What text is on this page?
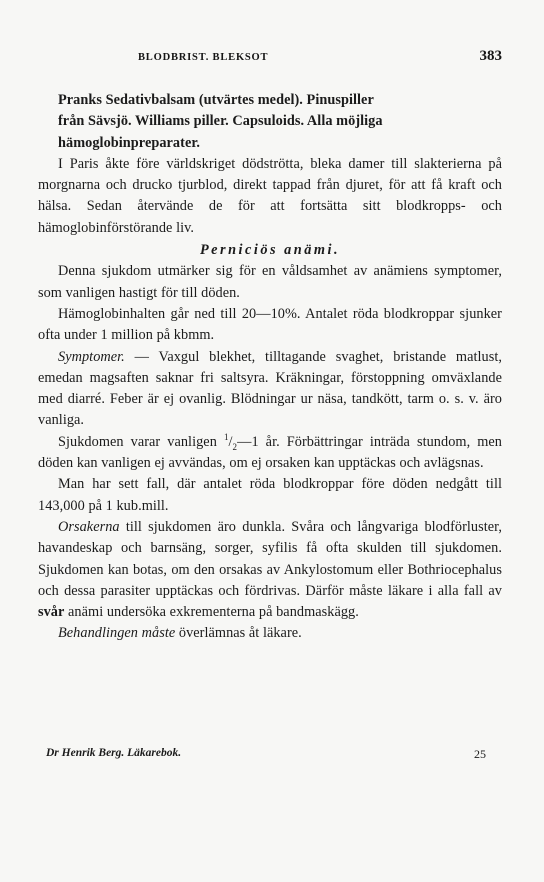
BLODBRIST. BLEKSOT	383

Pranks Sedativbalsam (utvärtes medel). Pinuspiller
från Sävsjö. Williams piller. Capsuloids. Alla möjliga
hämoglobinpreparater.

I Paris åkte före världskriget dödströtta, bleka damer till slakterierna på morgnarna och drucko tjurblod, direkt tappad från djuret, för att få kraft och hälsa. Sedan återvände de för att fortsätta sitt blodkropps- och hämoglobinförstörande liv.

Perniciös anämi.

Denna sjukdom utmärker sig för en våldsamhet av anämiens symptomer, som vanligen hastigt för till döden.

Hämoglobinhalten går ned till 20—10%. Antalet röda blodkroppar sjunker ofta under 1 million på kbmm.

Symptomer. — Vaxgul blekhet, tilltagande svaghet, bristande matlust, emedan magsaften saknar fri saltsyra. Kräkningar, förstoppning omväxlande med diarré. Feber är ej ovanlig. Blödningar ur näsa, tandkött, tarm o. s. v. äro vanliga.

Sjukdomen varar vanligen $^1/_2—1$ år. Förbättringar inträda stundom, men döden kan vanligen ej avvändas, om ej orsaken kan upptäckas och avlägsnas.

Man har sett fall, där antalet röda blodkroppar före döden nedgått till 143,000 på 1 kub.mill.

Orsakerna till sjukdomen äro dunkla. Svåra och långvariga blodförluster, havandeskap och barnsäng, sorger, syfilis få ofta skulden till sjukdomen. Sjukdomen kan botas, om den orsakas av Ankylostomum eller Bothriocephalus och dessa parasiter upptäckas och fördrivas. Därför måste läkare i alla fall av svår anämi undersöka exkrementerna på bandmaskägg.

Behandlingen måste överlämnas åt läkare.

Dr Henrik Berg. Läkarebok.	25
